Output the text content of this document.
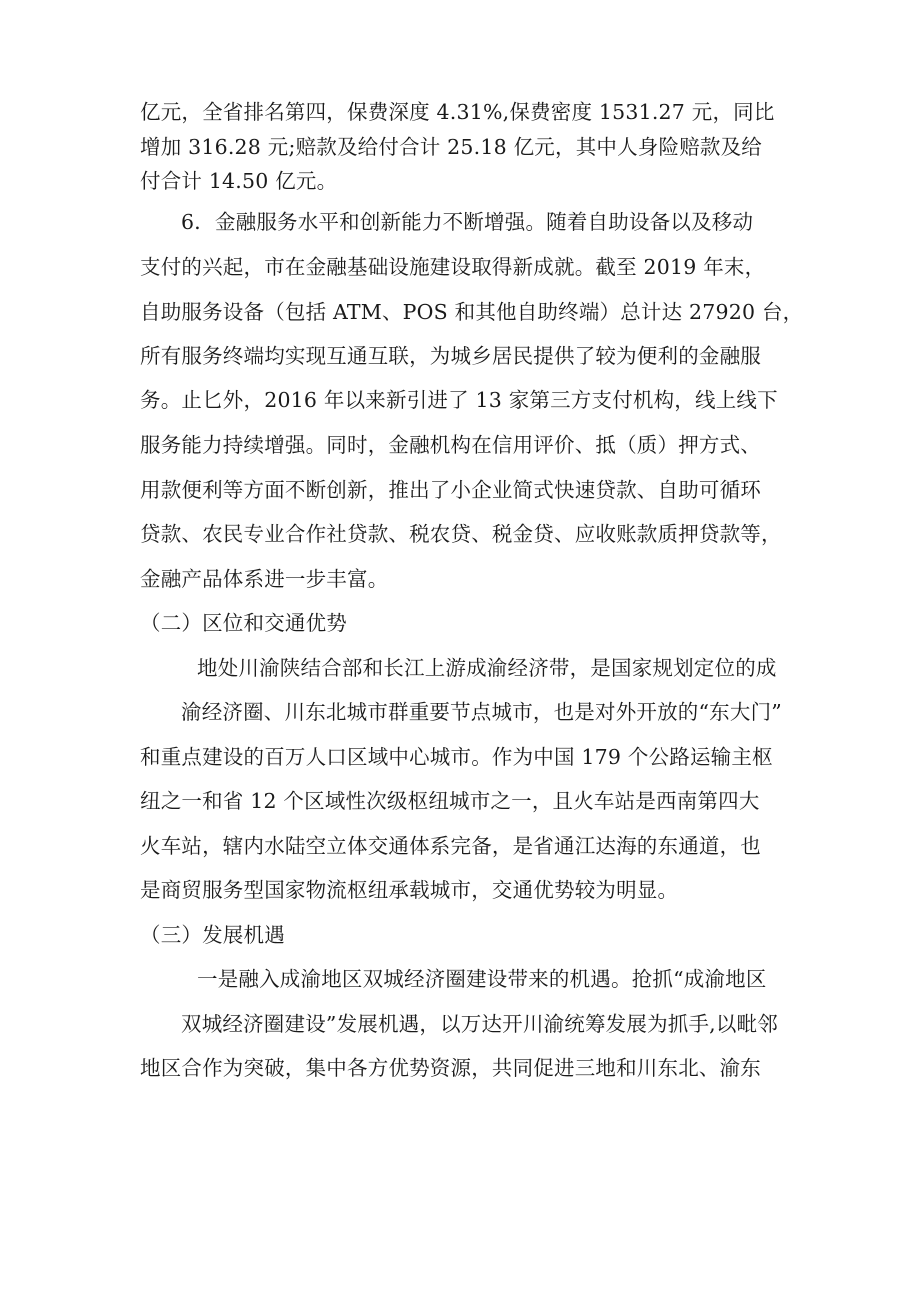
亿元，全省排名第四，保费深度 4.31%,保费密度 1531.27 元，同比
增加 316.28 元;赔款及给付合计 25.18 亿元，其中人身险赔款及给
付合计 14.50 亿元。
6．金融服务水平和创新能力不断增强。随着自助设备以及移动
支付的兴起，市在金融基础设施建设取得新成就。截至 2019 年末，
自助服务设备（包括 ATM、POS 和其他自助终端）总计达 27920 台，
所有服务终端均实现互通互联，为城乡居民提供了较为便利的金融服
务。止匕外，2016 年以来新引进了 13 家第三方支付机构，线上线下
服务能力持续增强。同时，金融机构在信用评价、抵（质）押方式、
用款便利等方面不断创新，推出了小企业简式快速贷款、自助可循环
贷款、农民专业合作社贷款、税农贷、税金贷、应收账款质押贷款等，
金融产品体系进一步丰富。
（二）区位和交通优势
地处川渝陕结合部和长江上游成渝经济带，是国家规划定位的成
渝经济圈、川东北城市群重要节点城市，也是对外开放的“东大门”
和重点建设的百万人口区域中心城市。作为中国 179 个公路运输主枢
纽之一和省 12 个区域性次级枢纽城市之一，且火车站是西南第四大
火车站，辖内水陆空立体交通体系完备，是省通江达海的东通道，也
是商贸服务型国家物流枢纽承载城市，交通优势较为明显。
（三）发展机遇
一是融入成渝地区双城经济圈建设带来的机遇。抢抓“成渝地区
双城经济圈建设”发展机遇，以万达开川渝统筹发展为抓手,以毗邻
地区合作为突破，集中各方优势资源，共同促进三地和川东北、渝东
